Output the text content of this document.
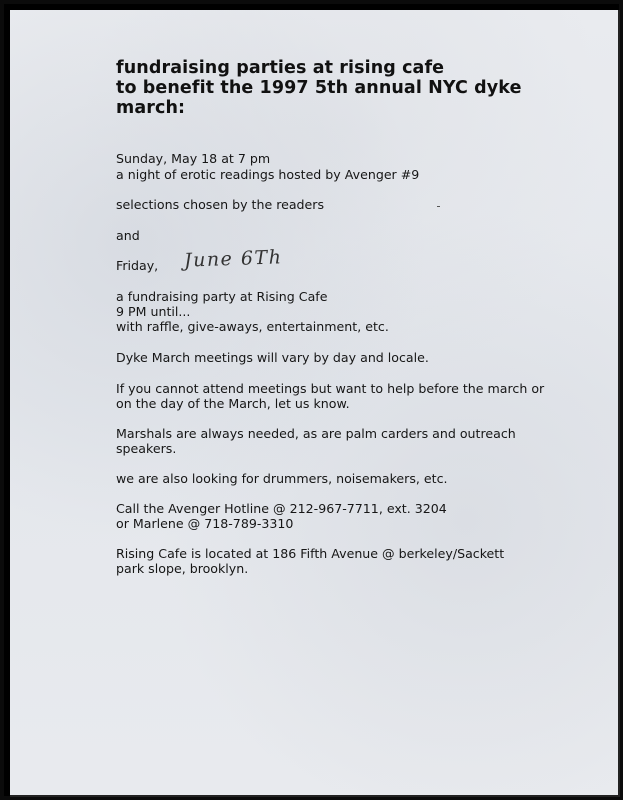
fundraising parties at rising cafe
to benefit the 1997 5th annual NYC dyke
march:
Sunday, May 18 at 7 pm
a night of erotic readings hosted by Avenger #9
selections chosen by the readers
and
Friday, June 6Th
a fundraising party at Rising Cafe
9 PM until...
with raffle, give-aways, entertainment, etc.
Dyke March meetings will vary by day and locale.
If you cannot attend meetings but want to help before the march or
on the day of the March, let us know.
Marshals are always needed, as are palm carders and outreach
speakers.
we are also looking for drummers, noisemakers, etc.
Call the Avenger Hotline @ 212-967-7711, ext. 3204
or Marlene @ 718-789-3310
Rising Cafe is located at 186 Fifth Avenue @ berkeley/Sackett
park slope, brooklyn.
